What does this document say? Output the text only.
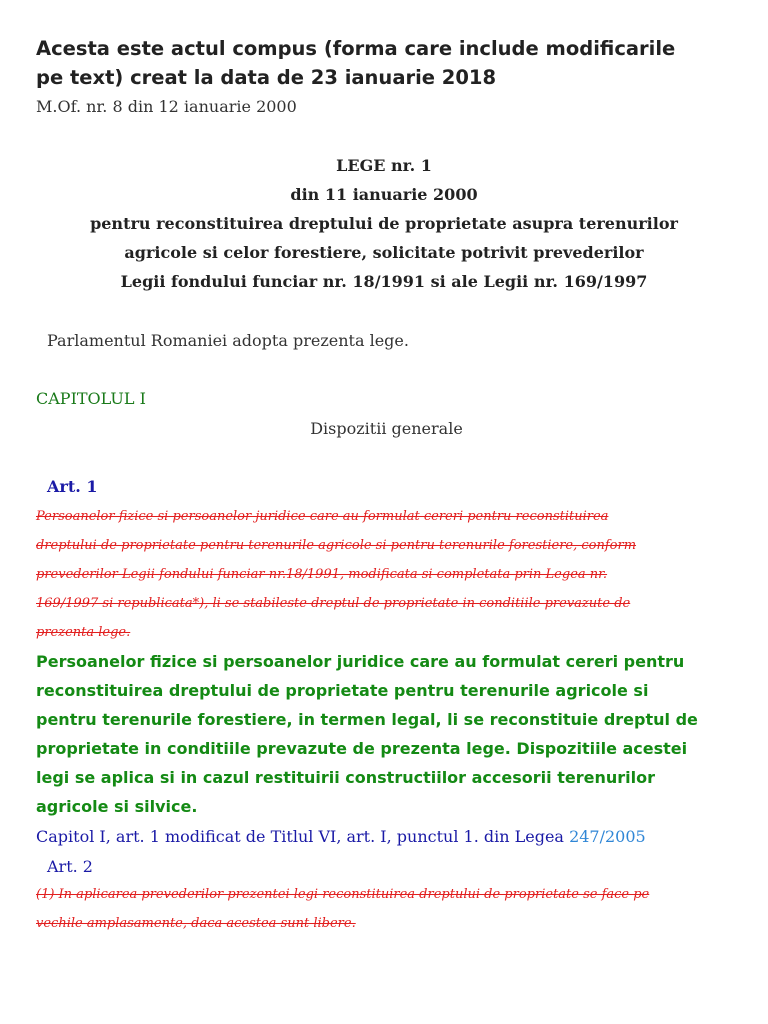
Acesta este actul compus (forma care include modificarile
pe text) creat la data de 23 ianuarie 2018

M.Of. nr. 8 din 12 ianuarie 2000

LEGE nr. 1

din 11 ianuarie 2000

pentru reconstituirea dreptului de proprietate asupra terenurilor

agricole si celor forestiere, solicitate potrivit prevederilor

Legii fondului funciar nr. 18/1991 si ale Legii nr. 169/1997

Parlamentul Romaniei adopta prezenta lege.

CAPITOLUL I

Dispozitii generale

Art. 1

Persoanelor fizice si persoanelor juridice care au formulat cereri pentru reconstituirea

dreptului de proprietate pentru terenurile agricole si pentru terenurile forestiere, conform

prevederilor Legii fondului funciar nr.18/1991, modificata si completata prin Legea nr.

169/1997 si republicata*), li se stabileste dreptul de proprietate in conditiile prevazute de

prezenta lege.

Persoanelor fizice si persoanelor juridice care au formulat cereri pentru

reconstituirea dreptului de proprietate pentru terenurile agricole si

pentru terenurile forestiere, in termen legal, li se reconstituie dreptul de

proprietate in conditiile prevazute de prezenta lege. Dispozitiile acestei

legi se aplica si in cazul restituirii constructiilor accesorii terenurilor

agricole si silvice.

Capitol I, art. 1 modificat de Titlul VI, art. I, punctul 1. din Legea 247/2005

Art. 2

(1) In aplicarea prevederilor prezentei legi reconstituirea dreptului de proprietate se face pe

vechile amplasamente, daca acestea sunt libere.
